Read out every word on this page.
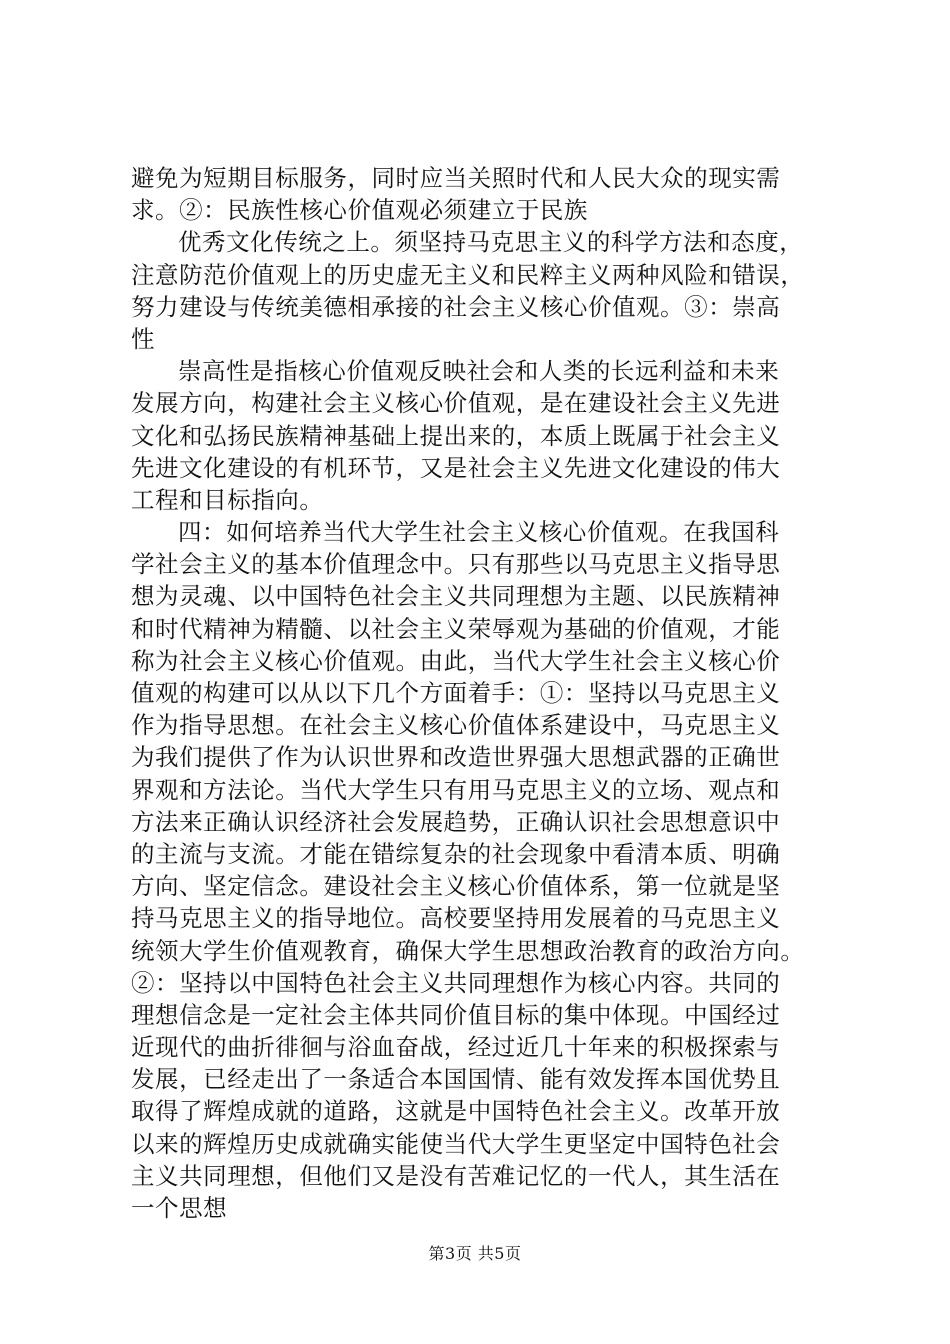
避免为短期目标服务，同时应当关照时代和人民大众的现实需
求。②：民族性核心价值观必须建立于民族
优秀文化传统之上。须坚持马克思主义的科学方法和态度，
注意防范价值观上的历史虚无主义和民粹主义两种风险和错误，
努力建设与传统美德相承接的社会主义核心价值观。③：崇高
性
崇高性是指核心价值观反映社会和人类的长远利益和未来
发展方向，构建社会主义核心价值观，是在建设社会主义先进
文化和弘扬民族精神基础上提出来的，本质上既属于社会主义
先进文化建设的有机环节，又是社会主义先进文化建设的伟大
工程和目标指向。
四：如何培养当代大学生社会主义核心价值观。在我国科
学社会主义的基本价值理念中。只有那些以马克思主义指导思
想为灵魂、以中国特色社会主义共同理想为主题、以民族精神
和时代精神为精髓、以社会主义荣辱观为基础的价值观，才能
称为社会主义核心价值观。由此，当代大学生社会主义核心价
值观的构建可以从以下几个方面着手：①：坚持以马克思主义
作为指导思想。在社会主义核心价值体系建设中，马克思主义
为我们提供了作为认识世界和改造世界强大思想武器的正确世
界观和方法论。当代大学生只有用马克思主义的立场、观点和
方法来正确认识经济社会发展趋势，正确认识社会思想意识中
的主流与支流。才能在错综复杂的社会现象中看清本质、明确
方向、坚定信念。建设社会主义核心价值体系，第一位就是坚
持马克思主义的指导地位。高校要坚持用发展着的马克思主义
统领大学生价值观教育，确保大学生思想政治教育的政治方向。
②：坚持以中国特色社会主义共同理想作为核心内容。共同的
理想信念是一定社会主体共同价值目标的集中体现。中国经过
近现代的曲折徘徊与浴血奋战，经过近几十年来的积极探索与
发展，已经走出了一条适合本国国情、能有效发挥本国优势且
取得了辉煌成就的道路，这就是中国特色社会主义。改革开放
以来的辉煌历史成就确实能使当代大学生更坚定中国特色社会
主义共同理想，但他们又是没有苦难记忆的一代人，其生活在
一个思想
第3页 共5页
